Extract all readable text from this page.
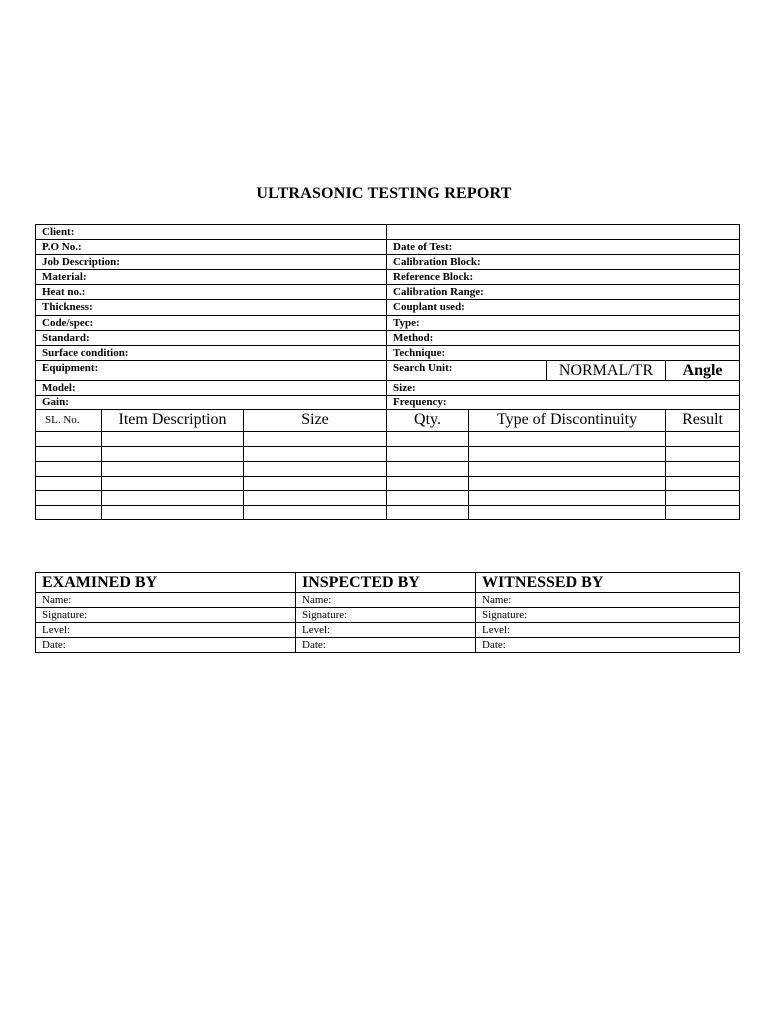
ULTRASONIC TESTING REPORT
Client:						
P.O No.:			Date of Test:			
Job Description:			Calibration Block:			
Material:			Reference Block:			
Heat no.:			Calibration Range:			
Thickness:			Couplant used:			
Code/spec:			Type:			
Standard:			Method:			
Surface condition:			Technique:			
Equipment:			Search Unit:		NORMAL/TR	Angle
Model:			Size:			
Gain:			Frequency:			
SL. No.	Item Description	Size	Qty.	Type of Discontinuity		Result

EXAMINED BY	INSPECTED BY	WITNESSED BY
Name:	Name:	Name:
Signature:	Signature:	Signature:
Level:	Level:	Level:
Date:	Date:	Date:
